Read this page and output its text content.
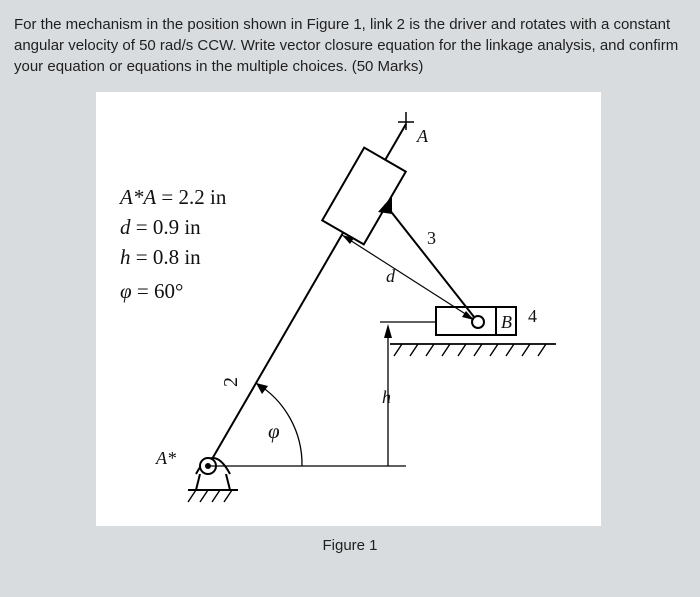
For the mechanism in the position shown in Figure 1, link 2 is the driver and rotates with a constant angular velocity of 50 rad/s CCW. Write vector closure equation for the linkage analysis, and confirm your equation or equations in the multiple choices. (50 Marks)

A*A = 2.2 in
d = 0.9 in
h = 0.8 in
φ = 60°
A
A*
B
2
3
4
d
h
φ
Figure 1
